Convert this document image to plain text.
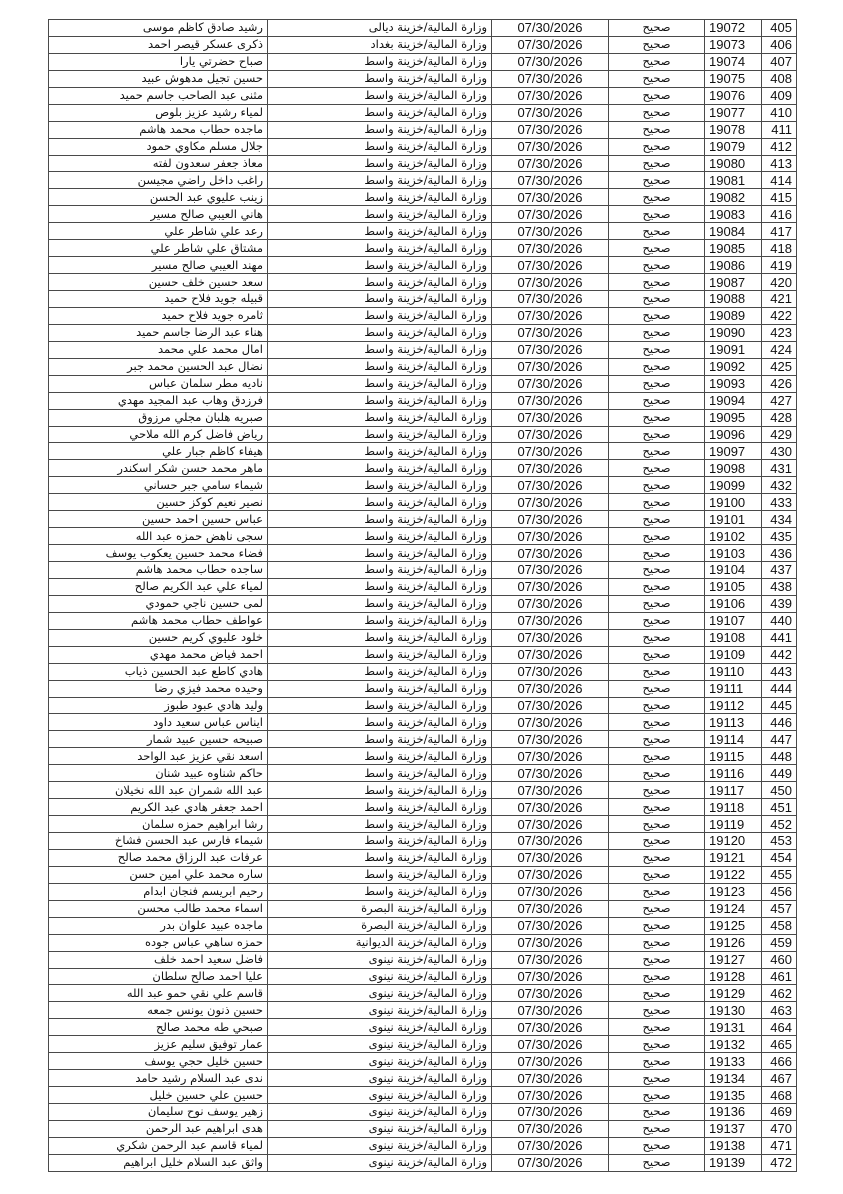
رشيد صادق كاظم موسى	وزارة المالية/خزينة ديالى	07/30/2026	صحيح	19072	405
ذكرى عسكر قيصر احمد	وزارة المالية/خزينة بغداد	07/30/2026	صحيح	19073	406
صباح حضرتي يارا	وزارة المالية/خزينة واسط	07/30/2026	صحيح	19074	407
حسين تجيل مدهوش عبيد	وزارة المالية/خزينة واسط	07/30/2026	صحيح	19075	408
مثنى عبد الصاحب جاسم حميد	وزارة المالية/خزينة واسط	07/30/2026	صحيح	19076	409
لمياء رشيد عزيز بلوص	وزارة المالية/خزينة واسط	07/30/2026	صحيح	19077	410
ماجده حطاب محمد هاشم	وزارة المالية/خزينة واسط	07/30/2026	صحيح	19078	411
جلال مسلم مكاوي حمود	وزارة المالية/خزينة واسط	07/30/2026	صحيح	19079	412
معاذ جعفر سعدون لفته	وزارة المالية/خزينة واسط	07/30/2026	صحيح	19080	413
راغب داخل راضي مجيسن	وزارة المالية/خزينة واسط	07/30/2026	صحيح	19081	414
زينب عليوي عبد الحسن	وزارة المالية/خزينة واسط	07/30/2026	صحيح	19082	415
هاني العيبي صالح مسير	وزارة المالية/خزينة واسط	07/30/2026	صحيح	19083	416
رعد علي شاطر علي	وزارة المالية/خزينة واسط	07/30/2026	صحيح	19084	417
مشتاق علي شاطر علي	وزارة المالية/خزينة واسط	07/30/2026	صحيح	19085	418
مهند العيبي صالح مسير	وزارة المالية/خزينة واسط	07/30/2026	صحيح	19086	419
سعد حسين خلف حسين	وزارة المالية/خزينة واسط	07/30/2026	صحيح	19087	420
قبيله جويد فلاح حميد	وزارة المالية/خزينة واسط	07/30/2026	صحيح	19088	421
ثامره جويد فلاح حميد	وزارة المالية/خزينة واسط	07/30/2026	صحيح	19089	422
هناء عبد الرضا جاسم حميد	وزارة المالية/خزينة واسط	07/30/2026	صحيح	19090	423
امال محمد علي محمد	وزارة المالية/خزينة واسط	07/30/2026	صحيح	19091	424
نضال عبد الحسين محمد جبر	وزارة المالية/خزينة واسط	07/30/2026	صحيح	19092	425
ناديه مطر سلمان عباس	وزارة المالية/خزينة واسط	07/30/2026	صحيح	19093	426
فرزدق وهاب عبد المجيد مهدي	وزارة المالية/خزينة واسط	07/30/2026	صحيح	19094	427
صبريه هلبان مجلي مرزوق	وزارة المالية/خزينة واسط	07/30/2026	صحيح	19095	428
رياض فاضل كرم الله ملاحي	وزارة المالية/خزينة واسط	07/30/2026	صحيح	19096	429
هيفاء كاظم جبار علي	وزارة المالية/خزينة واسط	07/30/2026	صحيح	19097	430
ماهر محمد حسن شكر اسكندر	وزارة المالية/خزينة واسط	07/30/2026	صحيح	19098	431
شيماء سامي جبر حساني	وزارة المالية/خزينة واسط	07/30/2026	صحيح	19099	432
نصير نعيم كوكز حسين	وزارة المالية/خزينة واسط	07/30/2026	صحيح	19100	433
عباس حسين احمد حسين	وزارة المالية/خزينة واسط	07/30/2026	صحيح	19101	434
سجى ناهض حمزه عبد الله	وزارة المالية/خزينة واسط	07/30/2026	صحيح	19102	435
فضاء محمد حسين يعكوب يوسف	وزارة المالية/خزينة واسط	07/30/2026	صحيح	19103	436
ساجده حطاب محمد هاشم	وزارة المالية/خزينة واسط	07/30/2026	صحيح	19104	437
لمياء علي عبد الكريم صالح	وزارة المالية/خزينة واسط	07/30/2026	صحيح	19105	438
لمى حسين ناجي حمودي	وزارة المالية/خزينة واسط	07/30/2026	صحيح	19106	439
عواطف حطاب محمد هاشم	وزارة المالية/خزينة واسط	07/30/2026	صحيح	19107	440
خلود عليوي كريم حسين	وزارة المالية/خزينة واسط	07/30/2026	صحيح	19108	441
احمد فياض محمد مهدي	وزارة المالية/خزينة واسط	07/30/2026	صحيح	19109	442
هادي كاطع عبد الحسين ذياب	وزارة المالية/خزينة واسط	07/30/2026	صحيح	19110	443
وحيده محمد فيزي رضا	وزارة المالية/خزينة واسط	07/30/2026	صحيح	19111	444
وليد هادي عبود طبوز	وزارة المالية/خزينة واسط	07/30/2026	صحيح	19112	445
ايناس عباس سعيد داود	وزارة المالية/خزينة واسط	07/30/2026	صحيح	19113	446
صبيحه حسين عبيد شمار	وزارة المالية/خزينة واسط	07/30/2026	صحيح	19114	447
اسعد نقي عزيز عبد الواحد	وزارة المالية/خزينة واسط	07/30/2026	صحيح	19115	448
حاكم شناوه عبيد شنان	وزارة المالية/خزينة واسط	07/30/2026	صحيح	19116	449
عبد الله شمران عبد الله نخيلان	وزارة المالية/خزينة واسط	07/30/2026	صحيح	19117	450
احمد جعفر هادي عبد الكريم	وزارة المالية/خزينة واسط	07/30/2026	صحيح	19118	451
رشا ابراهيم حمزه سلمان	وزارة المالية/خزينة واسط	07/30/2026	صحيح	19119	452
شيماء فارس عبد الحسن فشاخ	وزارة المالية/خزينة واسط	07/30/2026	صحيح	19120	453
عرفات عبد الرزاق محمد صالح	وزارة المالية/خزينة واسط	07/30/2026	صحيح	19121	454
ساره محمد علي امين حسن	وزارة المالية/خزينة واسط	07/30/2026	صحيح	19122	455
رحيم ابريسم فنجان ابدام	وزارة المالية/خزينة واسط	07/30/2026	صحيح	19123	456
اسماء محمد طالب محسن	وزارة المالية/خزينة البصرة	07/30/2026	صحيح	19124	457
ماجده عبيد علوان بدر	وزارة المالية/خزينة البصرة	07/30/2026	صحيح	19125	458
حمزه ساهي عباس جوده	وزارة المالية/خزينة الديوانية	07/30/2026	صحيح	19126	459
فاضل سعيد احمد خلف	وزارة المالية/خزينة نينوى	07/30/2026	صحيح	19127	460
عليا احمد صالح سلطان	وزارة المالية/خزينة نينوى	07/30/2026	صحيح	19128	461
قاسم علي نقي حمو عبد الله	وزارة المالية/خزينة نينوى	07/30/2026	صحيح	19129	462
حسين ذنون يونس جمعه	وزارة المالية/خزينة نينوى	07/30/2026	صحيح	19130	463
صبحي طه محمد صالح	وزارة المالية/خزينة نينوى	07/30/2026	صحيح	19131	464
عمار توفيق سليم عزيز	وزارة المالية/خزينة نينوى	07/30/2026	صحيح	19132	465
حسين خليل حجي يوسف	وزارة المالية/خزينة نينوى	07/30/2026	صحيح	19133	466
ندى عبد السلام رشيد حامد	وزارة المالية/خزينة نينوى	07/30/2026	صحيح	19134	467
حسين علي حسين خليل	وزارة المالية/خزينة نينوى	07/30/2026	صحيح	19135	468
زهير يوسف نوح سليمان	وزارة المالية/خزينة نينوى	07/30/2026	صحيح	19136	469
هدى ابراهيم عبد الرحمن	وزارة المالية/خزينة نينوى	07/30/2026	صحيح	19137	470
لمياء قاسم عبد الرحمن شكري	وزارة المالية/خزينة نينوى	07/30/2026	صحيح	19138	471
واثق عبد السلام خليل ابراهيم	وزارة المالية/خزينة نينوى	07/30/2026	صحيح	19139	472
